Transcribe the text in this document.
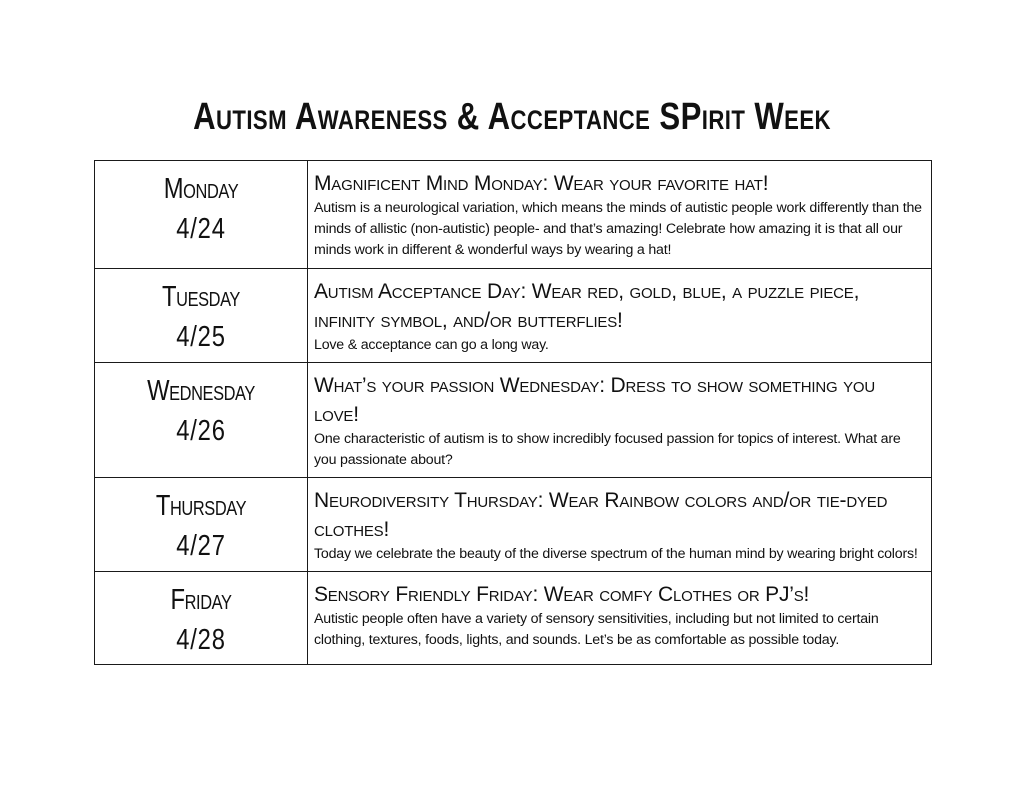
Autism Awareness & Acceptance SPirit Week
Monday
4/24	Magnificent Mind Monday: Wear your favorite hat!
Autism is a neurological variation, which means the minds of autistic people work differently than the minds of allistic (non-autistic) people- and that’s amazing! Celebrate how amazing it is that all our minds work in different & wonderful ways by wearing a hat!

Tuesday
4/25	Autism Acceptance Day: Wear red, gold, blue, a puzzle piece, infinity symbol, and/or butterflies!
Love & acceptance can go a long way.

Wednesday
4/26	What’s your passion Wednesday: Dress to show something you love!
One characteristic of autism is to show incredibly focused passion for topics of interest. What are you passionate about?

Thursday
4/27	Neurodiversity Thursday: Wear Rainbow colors and/or tie-dyed clothes!
Today we celebrate the beauty of the diverse spectrum of the human mind by wearing bright colors!

Friday
4/28	Sensory Friendly Friday: Wear comfy Clothes or PJ’s!
Autistic people often have a variety of sensory sensitivities, including but not limited to certain clothing, textures, foods, lights, and sounds. Let’s be as comfortable as possible today.
